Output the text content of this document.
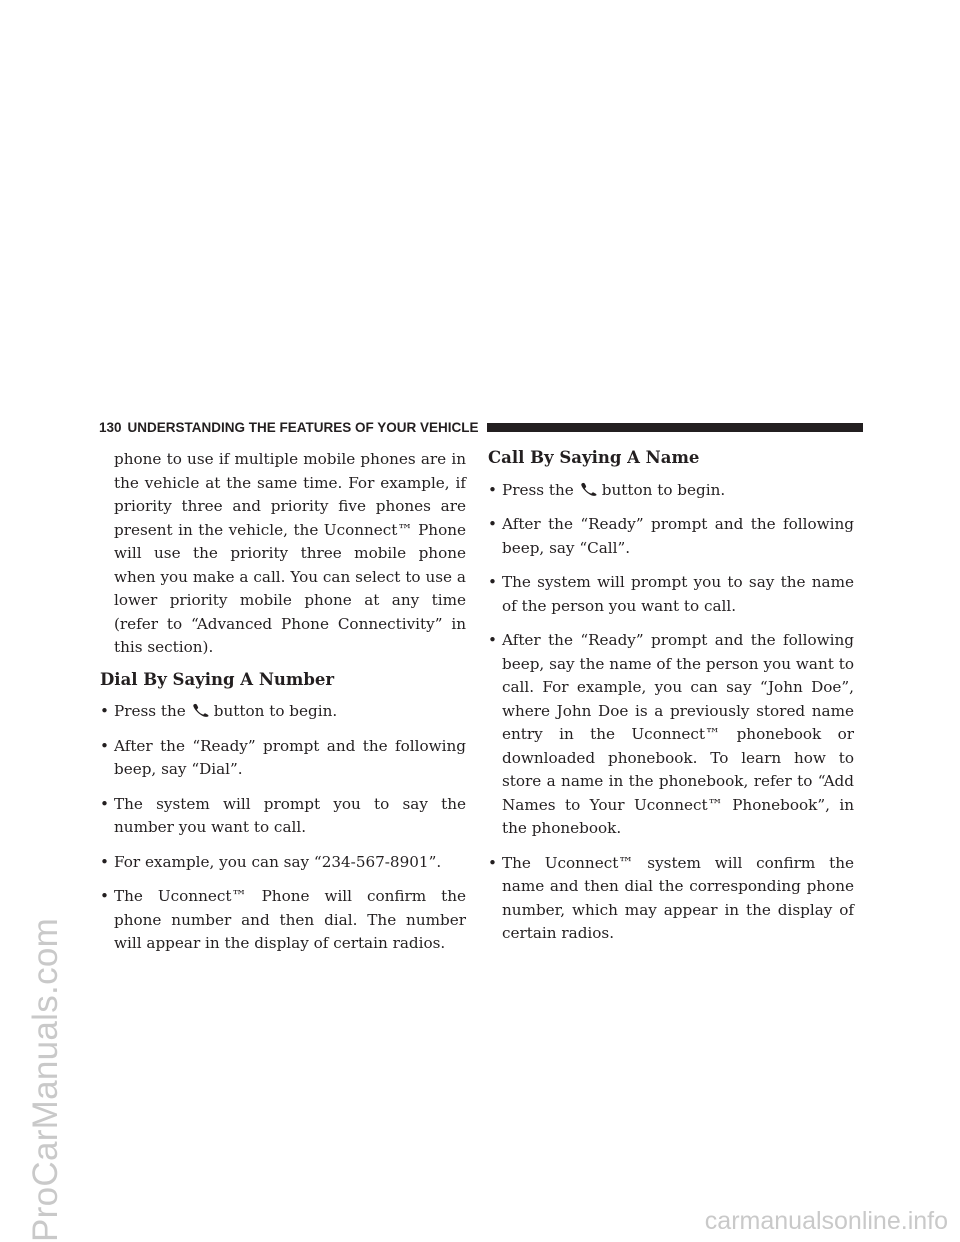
ProCarManuals.com	carmanualsonline.info
130 UNDERSTANDING THE FEATURES OF YOUR VEHICLE

phone to use if multiple mobile phones are in the vehicle at the same time. For example, if priority three and priority five phones are present in the vehicle, the Uconnect™ Phone will use the priority three mobile phone when you make a call. You can select to use a lower priority mobile phone at any time (refer to “Advanced Phone Connectivity” in this section).

Dial By Saying A Number
• Press the button to begin.
• After the “Ready” prompt and the following beep, say “Dial”.
• The system will prompt you to say the number you want to call.
• For example, you can say “234-567-8901”.
• The Uconnect™ Phone will confirm the phone number and then dial. The number will appear in the display of certain radios.
Call By Saying A Name
• Press the button to begin.
• After the “Ready” prompt and the following beep, say “Call”.
• The system will prompt you to say the name of the person you want to call.
• After the “Ready” prompt and the following beep, say the name of the person you want to call. For example, you can say “John Doe”, where John Doe is a previously stored name entry in the Uconnect™ phonebook or downloaded phonebook. To learn how to store a name in the phonebook, refer to “Add Names to Your Uconnect™ Phonebook”, in the phonebook.
• The Uconnect™ system will confirm the name and then dial the corresponding phone number, which may appear in the display of certain radios.
